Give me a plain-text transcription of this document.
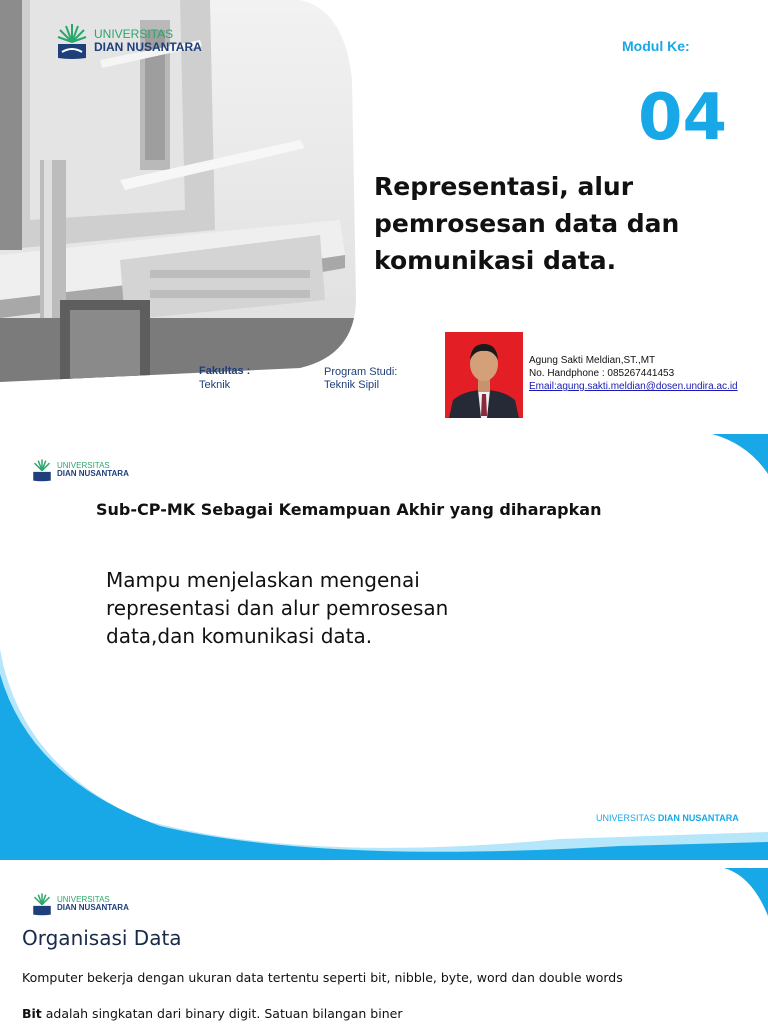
UNIVERSITAS
DIAN NUSANTARA	Modul Ke:
04
Representasi, alur
pemrosesan data dan
komunikasi data.
Fakultas :
Teknik
Program Studi:
Teknik Sipil
Agung Sakti Meldian,ST.,MT
No. Handphone : 085267441453
Email:agung.sakti.meldian@dosen.undira.ac.id
UNIVERSITAS
DIAN NUSANTARA
Sub-CP-MK Sebagai Kemampuan Akhir yang diharapkan
Mampu menjelaskan mengenai
representasi dan alur pemrosesan
data,dan komunikasi data.
UNIVERSITAS DIAN NUSANTARA
UNIVERSITAS
DIAN NUSANTARA
Organisasi Data
Komputer bekerja dengan ukuran data tertentu seperti bit, nibble, byte, word dan double words
Bit adalah singkatan dari binary digit. Satuan bilangan biner
